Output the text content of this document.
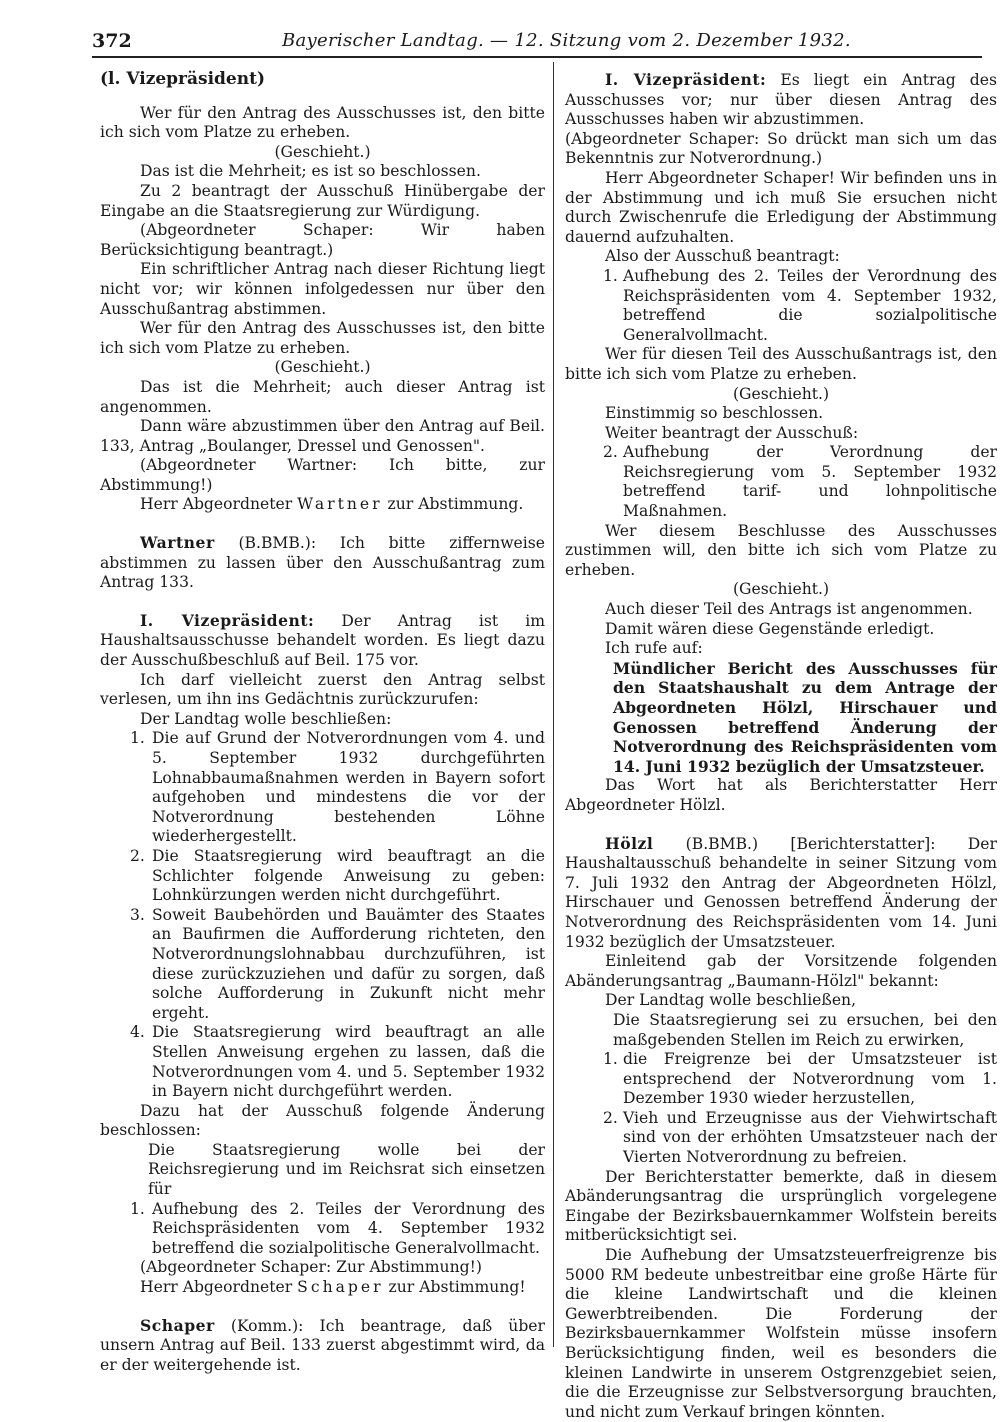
372	Bayerischer Landtag. — 12. Sitzung vom 2. Dezember 1932.

(l. Vizepräsident)

Wer für den Antrag des Ausschusses ist, den bitte ich sich vom Platze zu erheben.

(Geschieht.)

Das ist die Mehrheit; es ist so beschlossen.

Zu 2 beantragt der Ausschuß Hinübergabe der Eingabe an die Staatsregierung zur Würdigung.

(Abgeordneter Schaper: Wir haben Berücksichtigung beantragt.)

Ein schriftlicher Antrag nach dieser Richtung liegt nicht vor; wir können infolgedessen nur über den Ausschußantrag abstimmen.

Wer für den Antrag des Ausschusses ist, den bitte ich sich vom Platze zu erheben.

(Geschieht.)

Das ist die Mehrheit; auch dieser Antrag ist angenommen.

Dann wäre abzustimmen über den Antrag auf Beil. 133, Antrag „Boulanger, Dressel und Genossen".

(Abgeordneter Wartner: Ich bitte, zur Abstimmung!)

Herr Abgeordneter Wartner zur Abstimmung.

Wartner (B.BMB.): Ich bitte ziffernweise abstimmen zu lassen über den Ausschußantrag zum Antrag 133.

I. Vizepräsident: Der Antrag ist im Haushaltsausschusse behandelt worden. Es liegt dazu der Ausschußbeschluß auf Beil. 175 vor.

Ich darf vielleicht zuerst den Antrag selbst verlesen, um ihn ins Gedächtnis zurückzurufen:

Der Landtag wolle beschließen:

1. Die auf Grund der Notverordnungen vom 4. und 5. September 1932 durchgeführten Lohnabbaumaßnahmen werden in Bayern sofort aufgehoben und mindestens die vor der Notverordnung bestehenden Löhne wiederhergestellt.
2. Die Staatsregierung wird beauftragt an die Schlichter folgende Anweisung zu geben: Lohnkürzungen werden nicht durchgeführt.
3. Soweit Baubehörden und Bauämter des Staates an Baufirmen die Aufforderung richteten, den Notverordnungslohnabbau durchzuführen, ist diese zurückzuziehen und dafür zu sorgen, daß solche Aufforderung in Zukunft nicht mehr ergeht.
4. Die Staatsregierung wird beauftragt an alle Stellen Anweisung ergehen zu lassen, daß die Notverordnungen vom 4. und 5. September 1932 in Bayern nicht durchgeführt werden.

Dazu hat der Ausschuß folgende Änderung beschlossen:

Die Staatsregierung wolle bei der Reichsregierung und im Reichsrat sich einsetzen für

1. Aufhebung des 2. Teiles der Verordnung des Reichspräsidenten vom 4. September 1932 betreffend die sozialpolitische Generalvollmacht.

(Abgeordneter Schaper: Zur Abstimmung!)

Herr Abgeordneter Schaper zur Abstimmung!

Schaper (Komm.): Ich beantrage, daß über unsern Antrag auf Beil. 133 zuerst abgestimmt wird, da er der weitergehende ist.

I. Vizepräsident: Es liegt ein Antrag des Ausschusses vor; nur über diesen Antrag des Ausschusses haben wir abzustimmen.

(Abgeordneter Schaper: So drückt man sich um das Bekenntnis zur Notverordnung.)

Herr Abgeordneter Schaper! Wir befinden uns in der Abstimmung und ich muß Sie ersuchen nicht durch Zwischenrufe die Erledigung der Abstimmung dauernd aufzuhalten.

Also der Ausschuß beantragt:

1. Aufhebung des 2. Teiles der Verordnung des Reichspräsidenten vom 4. September 1932, betreffend die sozialpolitische Generalvollmacht.

Wer für diesen Teil des Ausschußantrags ist, den bitte ich sich vom Platze zu erheben.

(Geschieht.)

Einstimmig so beschlossen.

Weiter beantragt der Ausschuß:

2. Aufhebung der Verordnung der Reichsregierung vom 5. September 1932 betreffend tarif- und lohnpolitische Maßnahmen.

Wer diesem Beschlusse des Ausschusses zustimmen will, den bitte ich sich vom Platze zu erheben.

(Geschieht.)

Auch dieser Teil des Antrags ist angenommen.

Damit wären diese Gegenstände erledigt.

Ich rufe auf:

Mündlicher Bericht des Ausschusses für den Staatshaushalt zu dem Antrage der Abgeordneten Hölzl, Hirschauer und Genossen betreffend Änderung der Notverordnung des Reichspräsidenten vom 14. Juni 1932 bezüglich der Umsatzsteuer.

Das Wort hat als Berichterstatter Herr Abgeordneter Hölzl.

Hölzl (B.BMB.) [Berichterstatter]: Der Haushaltausschuß behandelte in seiner Sitzung vom 7. Juli 1932 den Antrag der Abgeordneten Hölzl, Hirschauer und Genossen betreffend Änderung der Notverordnung des Reichspräsidenten vom 14. Juni 1932 bezüglich der Umsatzsteuer.

Einleitend gab der Vorsitzende folgenden Abänderungsantrag „Baumann-Hölzl" bekannt:

Der Landtag wolle beschließen,

Die Staatsregierung sei zu ersuchen, bei den maßgebenden Stellen im Reich zu erwirken,

1. die Freigrenze bei der Umsatzsteuer ist entsprechend der Notverordnung vom 1. Dezember 1930 wieder herzustellen,
2. Vieh und Erzeugnisse aus der Viehwirtschaft sind von der erhöhten Umsatzsteuer nach der Vierten Notverordnung zu befreien.

Der Berichterstatter bemerkte, daß in diesem Abänderungsantrag die ursprünglich vorgelegene Eingabe der Bezirksbauernkammer Wolfstein bereits mitberücksichtigt sei.

Die Aufhebung der Umsatzsteuerfreigrenze bis 5000 RM bedeute unbestreitbar eine große Härte für die kleine Landwirtschaft und die kleinen Gewerbtreibenden. Die Forderung der Bezirksbauernkammer Wolfstein müsse insofern Berücksichtigung finden, weil es besonders die kleinen Landwirte in unserem Ostgrenzgebiet seien, die die Erzeugnisse zur Selbstversorgung brauchten, und nicht zum Verkauf bringen könnten.
